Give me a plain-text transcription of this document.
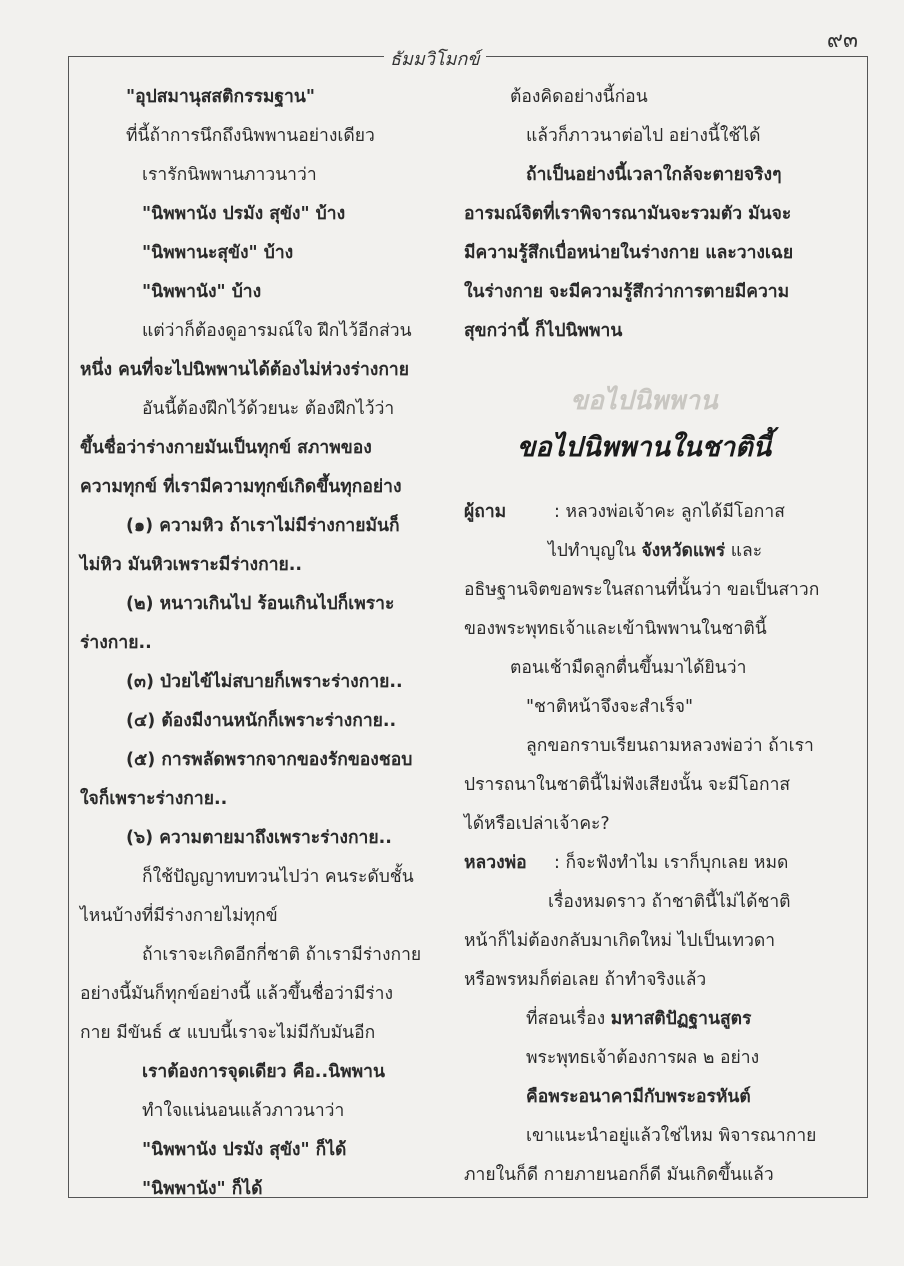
๙๓
ธัมมวิโมกข์
"อุปสมานุสสติกรรมฐาน"
ที่นี้ถ้าการนึกถึงนิพพานอย่างเดียว
เรารักนิพพานภาวนาว่า
"นิพพานัง ปรมัง สุขัง" บ้าง
"นิพพานะสุขัง" บ้าง
"นิพพานัง" บ้าง
แต่ว่าก็ต้องดูอารมณ์ใจ ฝึกไว้อีกส่วน
หนึ่ง คนที่จะไปนิพพานได้ต้องไม่ห่วงร่างกาย
อันนี้ต้องฝึกไว้ด้วยนะ ต้องฝึกไว้ว่า
ขึ้นชื่อว่าร่างกายมันเป็นทุกข์ สภาพของ
ความทุกข์ ที่เรามีความทุกข์เกิดขึ้นทุกอย่าง
(๑) ความหิว ถ้าเราไม่มีร่างกายมันก็
ไม่หิว มันหิวเพราะมีร่างกาย..
(๒) หนาวเกินไป ร้อนเกินไปก็เพราะ
ร่างกาย..
(๓) ป่วยไข้ไม่สบายก็เพราะร่างกาย..
(๔) ต้องมีงานหนักก็เพราะร่างกาย..
(๕) การพลัดพรากจากของรักของชอบ
ใจก็เพราะร่างกาย..
(๖) ความตายมาถึงเพราะร่างกาย..
ก็ใช้ปัญญาทบทวนไปว่า คนระดับชั้น
ไหนบ้างที่มีร่างกายไม่ทุกข์
ถ้าเราจะเกิดอีกกี่ชาติ ถ้าเรามีร่างกาย
อย่างนี้มันก็ทุกข์อย่างนี้ แล้วขึ้นชื่อว่ามีร่าง
กาย มีขันธ์ ๕ แบบนี้เราจะไม่มีกับมันอีก
เราต้องการจุดเดียว คือ..นิพพาน
ทำใจแน่นอนแล้วภาวนาว่า
"นิพพานัง ปรมัง สุขัง" ก็ได้
"นิพพานัง" ก็ได้
ต้องคิดอย่างนี้ก่อน
แล้วก็ภาวนาต่อไป อย่างนี้ใช้ได้
ถ้าเป็นอย่างนี้เวลาใกล้จะตายจริงๆ
อารมณ์จิตที่เราพิจารณามันจะรวมตัว มันจะ
มีความรู้สึกเบื่อหน่ายในร่างกาย และวางเฉย
ในร่างกาย จะมีความรู้สึกว่าการตายมีความ
สุขกว่านี้ ก็ไปนิพพาน
ขอไปนิพพาน
ขอไปนิพพานในชาตินี้
ผู้ถาม	: หลวงพ่อเจ้าคะ ลูกได้มีโอกาส
ไปทำบุญใน จังหวัดแพร่ และ
อธิษฐานจิตขอพระในสถานที่นั้นว่า ขอเป็นสาวก
ของพระพุทธเจ้าและเข้านิพพานในชาตินี้
ตอนเช้ามืดลูกตื่นขึ้นมาได้ยินว่า
"ชาติหน้าจึงจะสำเร็จ"
ลูกขอกราบเรียนถามหลวงพ่อว่า ถ้าเรา
ปรารถนาในชาตินี้ไม่ฟังเสียงนั้น จะมีโอกาส
ได้หรือเปล่าเจ้าคะ?
หลวงพ่อ : ก็จะฟังทำไม เราก็บุกเลย หมด
เรื่องหมดราว ถ้าชาตินี้ไม่ได้ชาติ
หน้าก็ไม่ต้องกลับมาเกิดใหม่ ไปเป็นเทวดา
หรือพรหมก็ต่อเลย ถ้าทำจริงแล้ว
ที่สอนเรื่อง มหาสติปัฏฐานสูตร
พระพุทธเจ้าต้องการผล ๒ อย่าง
คือพระอนาคามีกับพระอรหันต์
เขาแนะนำอยู่แล้วใช่ไหม พิจารณากาย
ภายในก็ดี กายภายนอกก็ดี มันเกิดขึ้นแล้ว
